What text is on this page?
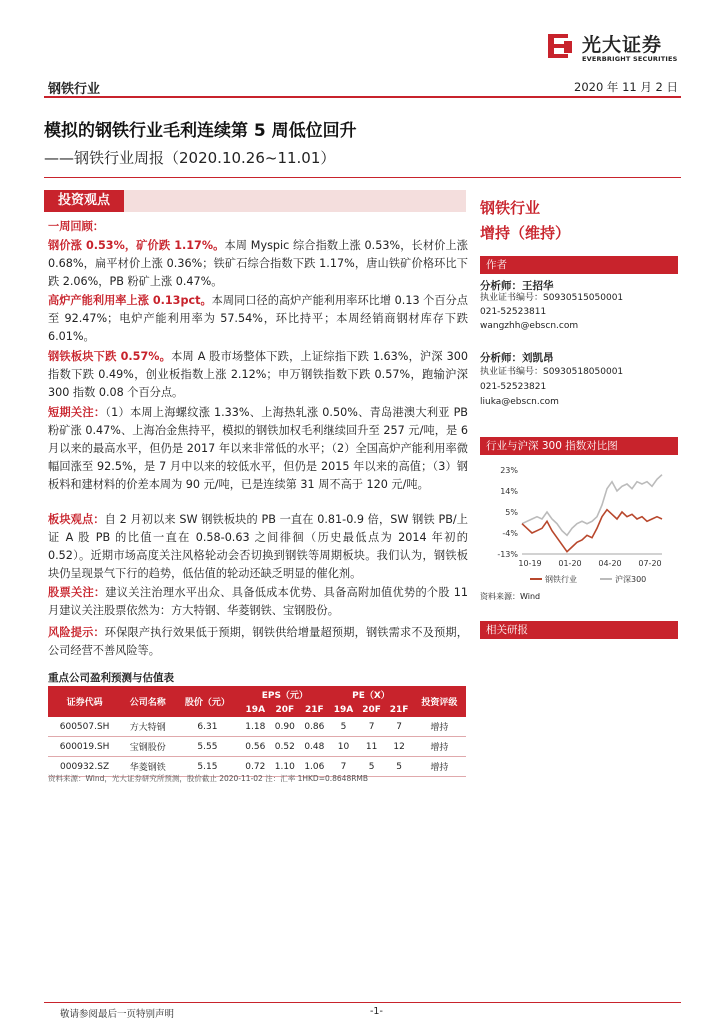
光大证券
EVERBRIGHT SECURITIES
钢铁行业	2020 年 11 月 2 日
模拟的钢铁行业毛利连续第 5 周低位回升
——钢铁行业周报（2020.10.26~11.01）
投资观点
一周回顾：
钢价涨 0.53%，矿价跌 1.17%。本周 Myspic 综合指数上涨 0.53%，长材价上涨 0.68%，扁平材价上涨 0.36%；铁矿石综合指数下跌 1.17%，唐山铁矿价格环比下跌 2.06%，PB 粉矿上涨 0.47%。
高炉产能利用率上涨 0.13pct。本周同口径的高炉产能利用率环比增 0.13 个百分点至 92.47%；电炉产能利用率为 57.54%，环比持平；本周经销商钢材库存下跌 6.01%。
钢铁板块下跌 0.57%。本周 A 股市场整体下跌，上证综指下跌 1.63%，沪深 300 指数下跌 0.49%，创业板指数上涨 2.12%；申万钢铁指数下跌 0.57%，跑输沪深 300 指数 0.08 个百分点。
短期关注：（1）本周上海螺纹涨 1.33%、上海热轧涨 0.50%、青岛港澳大利亚 PB 粉矿涨 0.47%、上海冶金焦持平，模拟的钢铁加权毛利继续回升至 257 元/吨，是 6 月以来的最高水平，但仍是 2017 年以来非常低的水平；（2）全国高炉产能利用率微幅回涨至 92.5%，是 7 月中以来的较低水平，但仍是 2015 年以来的高值；（3）钢板料和建材料的价差本周为 90 元/吨，已是连续第 31 周不高于 120 元/吨。
板块观点：自 2 月初以来 SW 钢铁板块的 PB 一直在 0.81-0.9 倍，SW 钢铁 PB/上证 A 股 PB 的比值一直在 0.58-0.63 之间徘徊（历史最低点为 2014 年初的 0.52）。近期市场高度关注风格轮动会否切换到钢铁等周期板块。我们认为，钢铁板块仍呈现景气下行的趋势，低估值的轮动还缺乏明显的催化剂。
股票关注：建议关注治理水平出众、具备低成本优势、具备高附加值优势的个股 11 月建议关注股票依然为：方大特钢、华菱钢铁、宝钢股份。
风险提示：环保限产执行效果低于预期，钢铁供给增量超预期，钢铁需求不及预期，公司经营不善风险等。
重点公司盈利预测与估值表
证券代码	公司名称	股价（元）	EPS（元）			PE（X）			投资评级
			19A	20F	21F	19A	20F	21F	
600507.SH	方大特钢	6.31	1.18	0.90	0.86	5	7	7	增持
600019.SH	宝钢股份	5.55	0.56	0.52	0.48	10	11	12	增持
000932.SZ	华菱钢铁	5.15	0.72	1.10	1.06	7	5	5	增持
资料来源：Wind，光大证券研究所预测，股价截止 2020-11-02 注：汇率 1HKD=0.8648RMB
钢铁行业
增持（维持）
作者
分析师：王招华
执业证书编号：S0930515050001
021-52523811
wangzhh@ebscn.com
分析师：刘凯昂
执业证书编号：S0930518050001
021-52523821
liuka@ebscn.com
行业与沪深 300 指数对比图
23%
14%
5%
-4%
-13%
10-19 01-20 04-20 07-20
钢铁行业	沪深300
资料来源：Wind
相关研报
敬请参阅最后一页特别声明	-1-
